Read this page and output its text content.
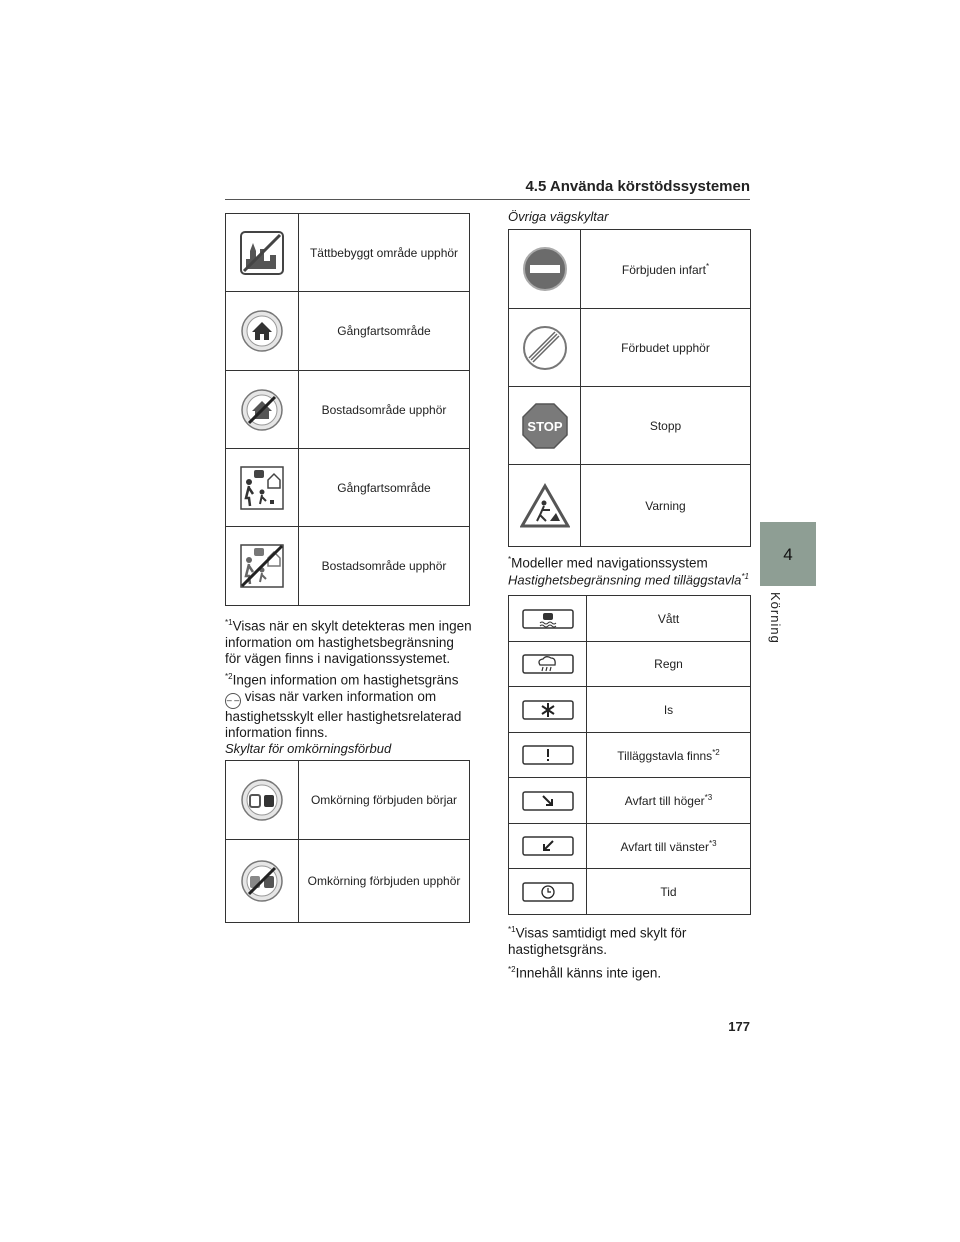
4.5 Använda körstödssystemen
4
Körning
	Tättbebyggt område upphör

	Gångfartsområde

	Bostadsområde upphör

	Gångfartsområde

	Bostadsområde upphör
$^{*1}$Visas när en skylt detekteras men ingen information om hastighetsbegränsning för vägen finns i navigationssystemet.
$^{*2}$Ingen information om hastighetsgräns
– – visas när varken information om hastighetsskylt eller hastighetsrelaterad information finns.
Skyltar för omkörningsförbud
	Omkörning förbjuden börjar

	Omkörning förbjuden upphör
Övriga vägskyltar
	Förbjuden infart*

	Förbudet upphör

STOP	Stopp

	Varning
*Modeller med navigationssystem
Hastighetsbegränsning med tilläggstavla$^{*1}$
	Vått

	Regn

	Is

	Tilläggstavla finns$^{*2}$

	Avfart till höger$^{*3}$

	Avfart till vänster$^{*3}$

	Tid
$^{*1}$Visas samtidigt med skylt för hastighetsgräns.
$^{*2}$Innehåll känns inte igen.
177
